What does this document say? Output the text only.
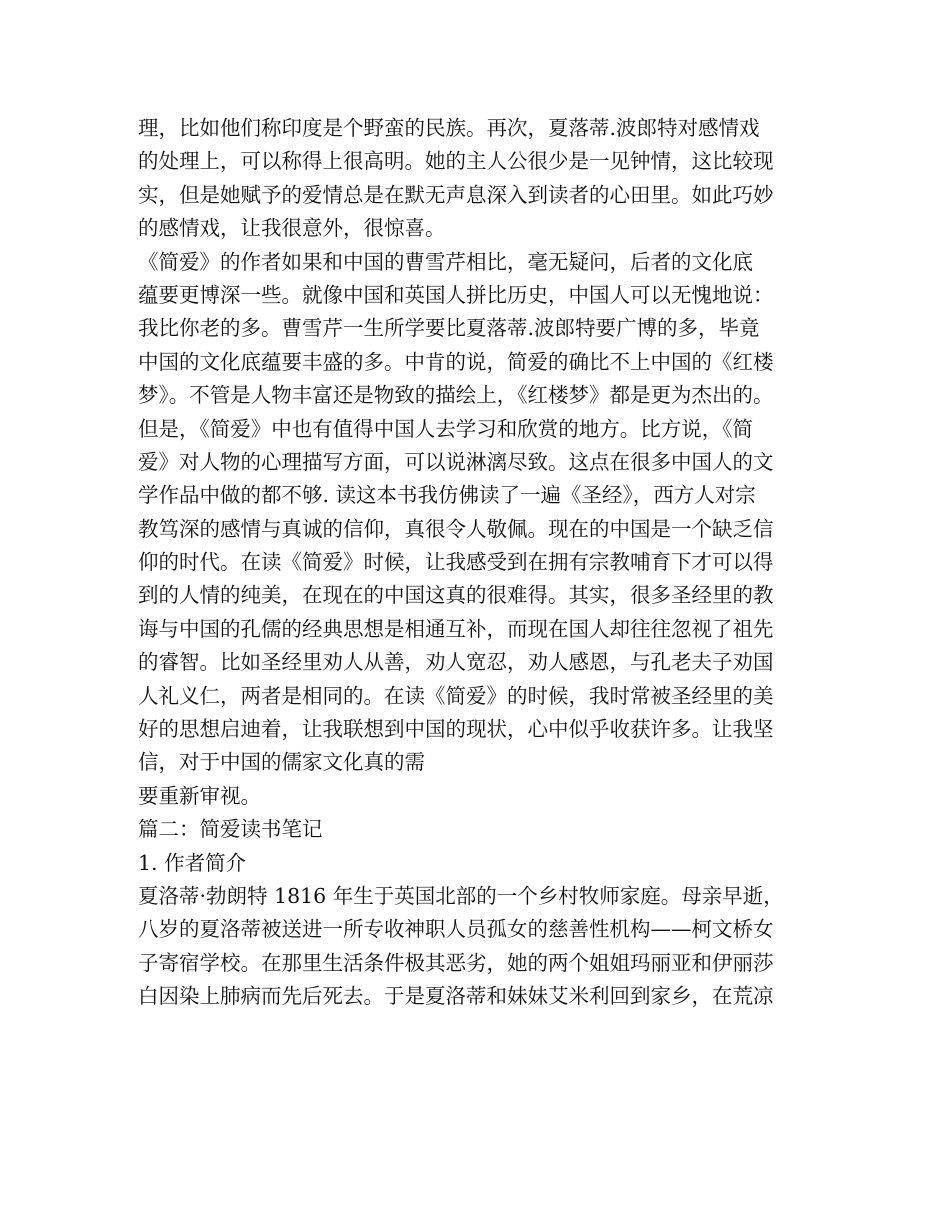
理，比如他们称印度是个野蛮的民族。再次，夏落蒂.波郎特对感情戏
的处理上，可以称得上很高明。她的主人公很少是一见钟情，这比较现
实，但是她赋予的爱情总是在默无声息深入到读者的心田里。如此巧妙
的感情戏，让我很意外，很惊喜。
《简爱》的作者如果和中国的曹雪芹相比，毫无疑问，后者的文化底
蕴要更博深一些。就像中国和英国人拼比历史，中国人可以无愧地说：
我比你老的多。曹雪芹一生所学要比夏落蒂.波郎特要广博的多，毕竟
中国的文化底蕴要丰盛的多。中肯的说，简爱的确比不上中国的《红楼
梦》。不管是人物丰富还是物致的描绘上，《红楼梦》都是更为杰出的。
但是，《简爱》中也有值得中国人去学习和欣赏的地方。比方说，《简
爱》对人物的心理描写方面，可以说淋漓尽致。这点在很多中国人的文
学作品中做的都不够. 读这本书我仿佛读了一遍《圣经》，西方人对宗
教笃深的感情与真诚的信仰，真很令人敬佩。现在的中国是一个缺乏信
仰的时代。在读《简爱》时候，让我感受到在拥有宗教哺育下才可以得
到的人情的纯美，在现在的中国这真的很难得。其实，很多圣经里的教
诲与中国的孔儒的经典思想是相通互补，而现在国人却往往忽视了祖先
的睿智。比如圣经里劝人从善，劝人宽忍，劝人感恩，与孔老夫子劝国
人礼义仁，两者是相同的。在读《简爱》的时候，我时常被圣经里的美
好的思想启迪着，让我联想到中国的现状，心中似乎收获许多。让我坚
信，对于中国的儒家文化真的需
要重新审视。
篇二：简爱读书笔记
1. 作者简介
夏洛蒂·勃朗特 1816 年生于英国北部的一个乡村牧师家庭。母亲早逝，
八岁的夏洛蒂被送进一所专收神职人员孤女的慈善性机构——柯文桥女
子寄宿学校。在那里生活条件极其恶劣，她的两个姐姐玛丽亚和伊丽莎
白因染上肺病而先后死去。于是夏洛蒂和妹妹艾米利回到家乡，在荒凉
